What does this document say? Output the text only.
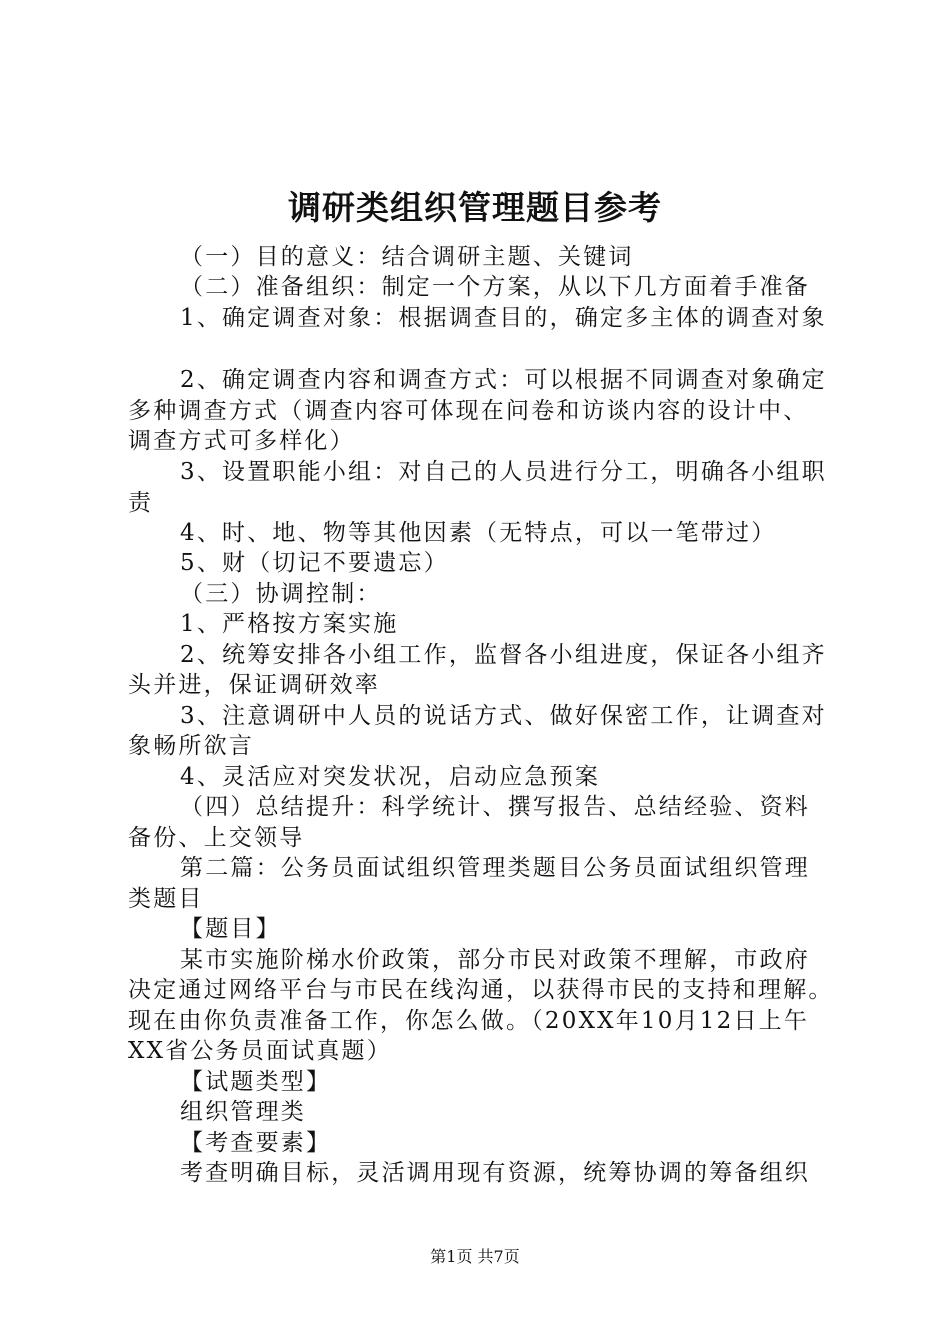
调研类组织管理题目参考
（一）目的意义：结合调研主题、关键词
（二）准备组织：制定一个方案，从以下几方面着手准备
1、确定调查对象：根据调查目的，确定多主体的调查对象
2、确定调查内容和调查方式：可以根据不同调查对象确定
多种调查方式（调查内容可体现在问卷和访谈内容的设计中、
调查方式可多样化）
3、设置职能小组：对自己的人员进行分工，明确各小组职
责
4、时、地、物等其他因素（无特点，可以一笔带过）
5、财（切记不要遗忘）
（三）协调控制：
1、严格按方案实施
2、统筹安排各小组工作，监督各小组进度，保证各小组齐
头并进，保证调研效率
3、注意调研中人员的说话方式、做好保密工作，让调查对
象畅所欲言
4、灵活应对突发状况，启动应急预案
（四）总结提升：科学统计、撰写报告、总结经验、资料
备份、上交领导
第二篇：公务员面试组织管理类题目公务员面试组织管理
类题目
【题目】
某市实施阶梯水价政策，部分市民对政策不理解，市政府
决定通过网络平台与市民在线沟通，以获得市民的支持和理解。
现在由你负责准备工作，你怎么做。（20XX年10月12日上午
XX省公务员面试真题）
【试题类型】
组织管理类
【考查要素】
考查明确目标，灵活调用现有资源，统筹协调的筹备组织
第1页 共7页
